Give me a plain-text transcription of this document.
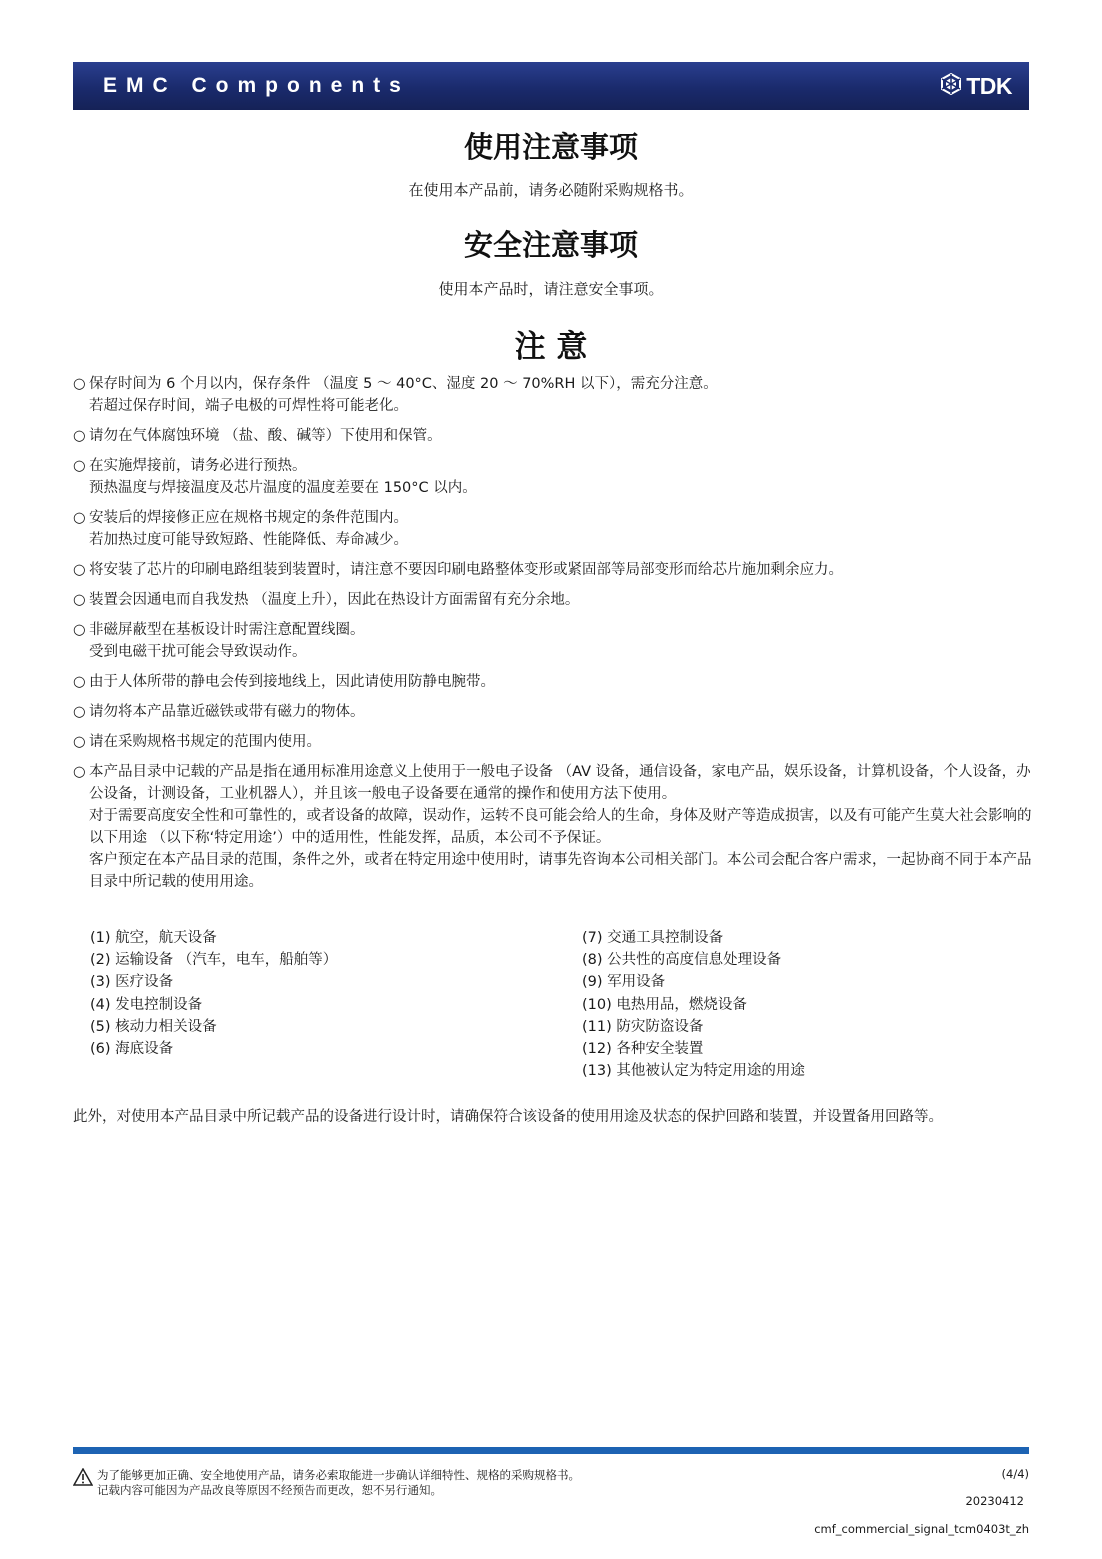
EMC Components	TDK
使用注意事项
在使用本产品前，请务必随附采购规格书。
安全注意事项
使用本产品时，请注意安全事项。
注 意
○ 保存时间为 6 个月以内，保存条件 （温度 5 ～ 40°C、湿度 20 ～ 70%RH 以下），需充分注意。

若超过保存时间，端子电极的可焊性将可能老化。

○ 请勿在气体腐蚀环境 （盐、酸、碱等）下使用和保管。

○ 在实施焊接前，请务必进行预热。

预热温度与焊接温度及芯片温度的温度差要在 150°C 以内。

○ 安装后的焊接修正应在规格书规定的条件范围内。

若加热过度可能导致短路、性能降低、寿命减少。

○ 将安装了芯片的印刷电路组装到装置时，请注意不要因印刷电路整体变形或紧固部等局部变形而给芯片施加剩余应力。

○ 装置会因通电而自我发热 （温度上升），因此在热设计方面需留有充分余地。

○ 非磁屏蔽型在基板设计时需注意配置线圈。

受到电磁干扰可能会导致误动作。

○ 由于人体所带的静电会传到接地线上，因此请使用防静电腕带。

○ 请勿将本产品靠近磁铁或带有磁力的物体。

○ 请在采购规格书规定的范围内使用。

○ 本产品目录中记载的产品是指在通用标准用途意义上使用于一般电子设备 （AV 设备，通信设备，家电产品，娱乐设备，计算机设备，个人设备，办公设备，计测设备，工业机器人），并且该一般电子设备要在通常的操作和使用方法下使用。

对于需要高度安全性和可靠性的，或者设备的故障，误动作，运转不良可能会给人的生命，身体及财产等造成损害，以及有可能产生莫大社会影响的以下用途 （以下称‘特定用途’）中的适用性，性能发挥，品质，本公司不予保证。

客户预定在本产品目录的范围，条件之外，或者在特定用途中使用时，请事先咨询本公司相关部门。本公司会配合客户需求，一起协商不同于本产品目录中所记载的使用用途。

(1) 航空，航天设备
(2) 运输设备 （汽车，电车，船舶等）
(3) 医疗设备
(4) 发电控制设备
(5) 核动力相关设备
(6) 海底设备
(7) 交通工具控制设备
(8) 公共性的高度信息处理设备
(9) 军用设备
(10) 电热用品，燃烧设备
(11) 防灾防盗设备
(12) 各种安全装置
(13) 其他被认定为特定用途的用途
此外，对使用本产品目录中所记载产品的设备进行设计时，请确保符合该设备的使用用途及状态的保护回路和装置，并设置备用回路等。
为了能够更加正确、安全地使用产品，请务必索取能进一步确认详细特性、规格的采购规格书。
记载内容可能因为产品改良等原因不经预告而更改，恕不另行通知。
(4/4)
20230412
cmf_commercial_signal_tcm0403t_zh
